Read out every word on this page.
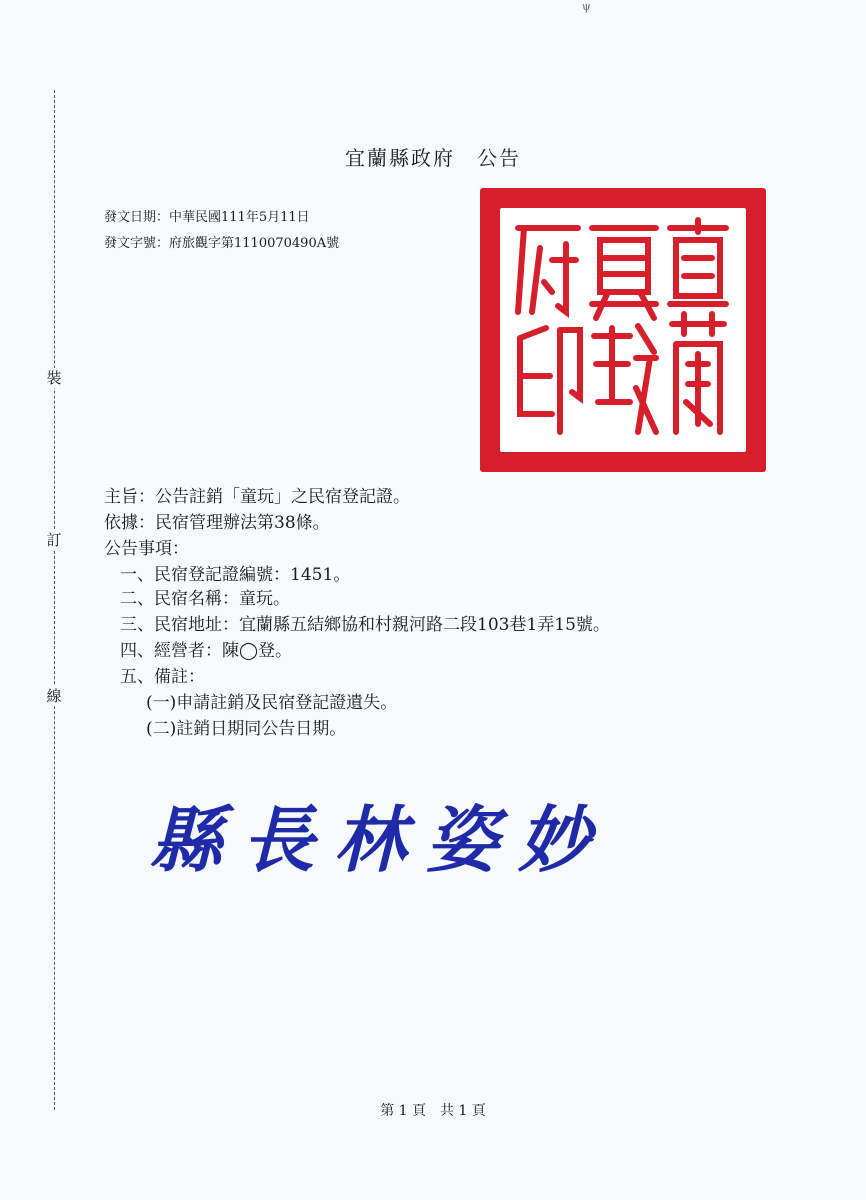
裝
訂
線
ψ
宜蘭縣政府　公告
發文日期：中華民國111年5月11日
發文字號：府旅觀字第1110070490A號
主旨：公告註銷「童玩」之民宿登記證。
依據：民宿管理辦法第38條。
公告事項：
一、民宿登記證編號：1451。
二、民宿名稱：童玩。
三、民宿地址：宜蘭縣五結鄉協和村親河路二段103巷1弄15號。
四、經營者：陳◯登。
五、備註：
(一)申請註銷及民宿登記證遺失。
(二)註銷日期同公告日期。
縣長林姿妙
第 1 頁　共 1 頁
